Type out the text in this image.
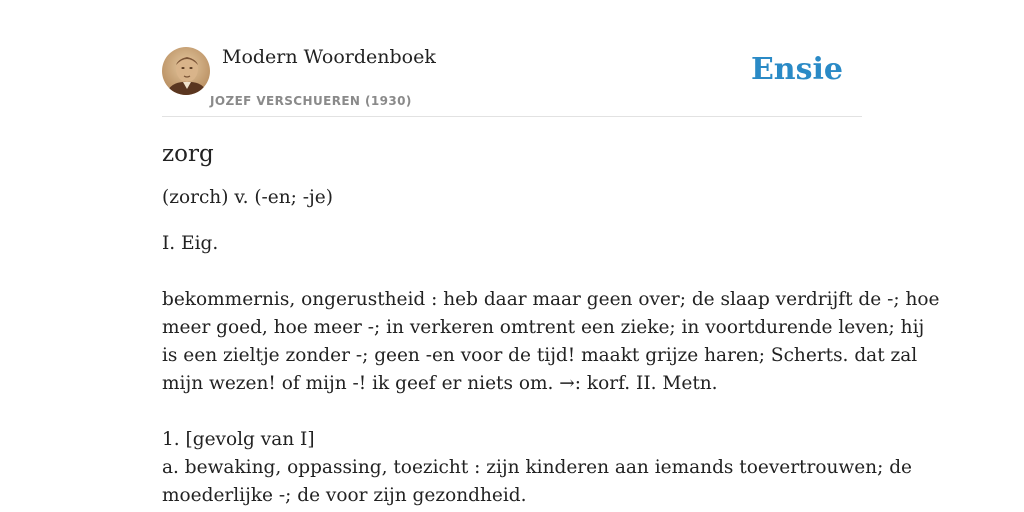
Modern Woordenboek
JOZEF VERSCHUEREN (1930)
Ensie
zorg

(zorch) v. (-en; -je)

I. Eig.

bekommernis, ongerustheid : heb daar maar geen over; de slaap verdrijft de -; hoe

meer goed, hoe meer -; in verkeren omtrent een zieke; in voortdurende leven; hij

is een zieltje zonder -; geen -en voor de tijd! maakt grijze haren; Scherts. dat zal

mijn wezen! of mijn -! ik geef er niets om. →: korf. II. Metn.

1. [gevolg van I]

a. bewaking, oppassing, toezicht : zijn kinderen aan iemands toevertrouwen; de

moederlijke -; de voor zijn gezondheid.
